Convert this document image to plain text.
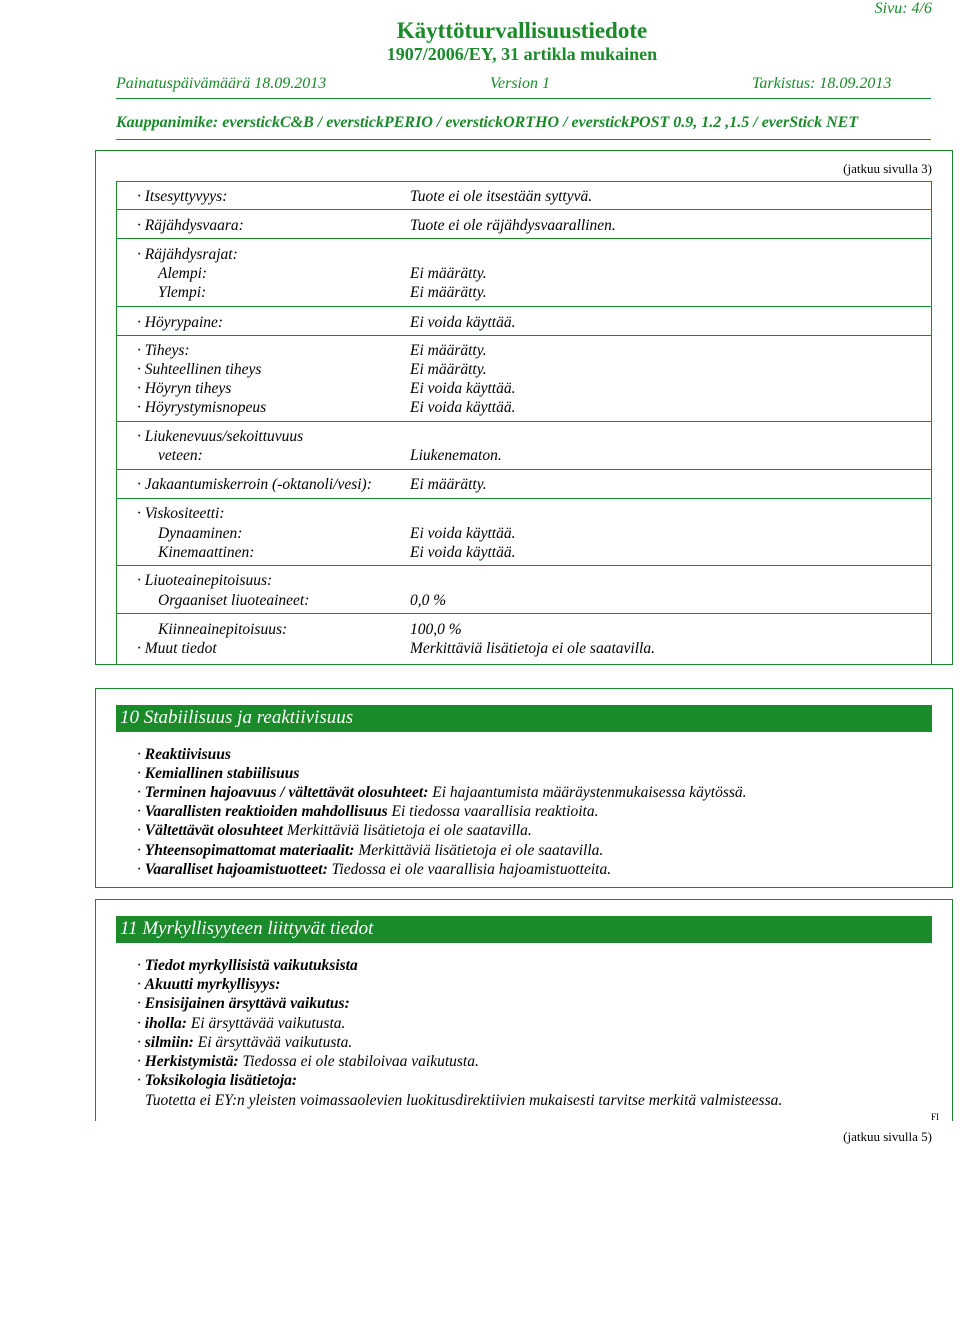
Sivu: 4/6
Käyttöturvallisuustiedote
1907/2006/EY, 31 artikla mukainen
Painatuspäivämäärä 18.09.2013	Version 1	Tarkistus: 18.09.2013
Kauppanimike: everstickC&B / everstickPERIO / everstickORTHO / everstickPOST 0.9, 1.2 ,1.5 / everStick NET
(jatkuu sivulla 3)
· Itsesyttyvyys:	Tuote ei ole itsestään syttyvä.
· Räjähdysvaara:	Tuote ei ole räjähdysvaarallinen.
· Räjähdysrajat:
Alempi:	Ei määrätty.
Ylempi:	Ei määrätty.
· Höyrypaine:	Ei voida käyttää.
· Tiheys:	Ei määrätty.
· Suhteellinen tiheys	Ei määrätty.
· Höyryn tiheys	Ei voida käyttää.
· Höyrystymisnopeus	Ei voida käyttää.
· Liukenevuus/sekoittuvuus
veteen:	Liukenematon.
· Jakaantumiskerroin (-oktanoli/vesi): Ei määrätty.
· Viskositeetti:
Dynaaminen:	Ei voida käyttää.
Kinemaattinen:	Ei voida käyttää.
· Liuoteainepitoisuus:
Orgaaniset liuoteaineet:	0,0 %
Kiinneainepitoisuus:	100,0 %
· Muut tiedot	Merkittäviä lisätietoja ei ole saatavilla.
10 Stabiilisuus ja reaktiivisuus
· Reaktiivisuus
· Kemiallinen stabiilisuus
· Terminen hajoavuus / vältettävät olosuhteet: Ei hajaantumista määräystenmukaisessa käytössä.
· Vaarallisten reaktioiden mahdollisuus Ei tiedossa vaarallisia reaktioita.
· Vältettävät olosuhteet Merkittäviä lisätietoja ei ole saatavilla.
· Yhteensopimattomat materiaalit: Merkittäviä lisätietoja ei ole saatavilla.
· Vaaralliset hajoamistuotteet: Tiedossa ei ole vaarallisia hajoamistuotteita.
11 Myrkyllisyyteen liittyvät tiedot
· Tiedot myrkyllisistä vaikutuksista
· Akuutti myrkyllisyys:
· Ensisijainen ärsyttävä vaikutus:
· iholla: Ei ärsyttävää vaikutusta.
· silmiin: Ei ärsyttävää vaikutusta.
· Herkistymistä: Tiedossa ei ole stabiloivaa vaikutusta.
· Toksikologia lisätietoja:
Tuotetta ei EY:n yleisten voimassaolevien luokitusdirektiivien mukaisesti tarvitse merkitä valmisteessa.
FI
(jatkuu sivulla 5)
